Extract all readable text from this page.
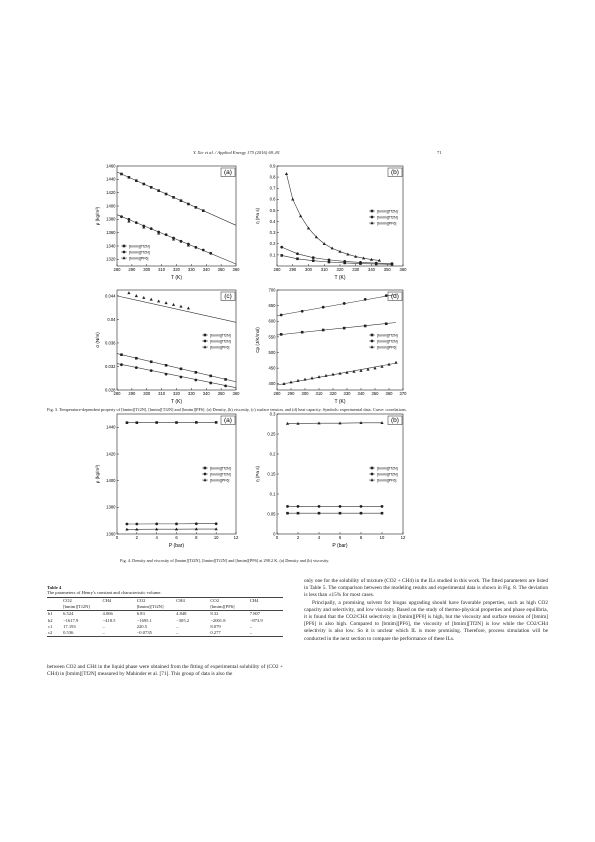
Y. Xie et al. / Applied Energy 175 (2016) 69–81	71
280 290 300 310 320 330 340 350 360
1320
1340
1360
1380
1400
1420
1440
1460
T (K)
ρ (kg/m³)
(a)
[bmim][Tf2N]
[hmim][Tf2N]
[bmim][PF6]
280 290 300 310 320 330 340 350 360
0.1
0.2
0.3
0.4
0.5
0.6
0.7
0.8
0.9
T (K)
η (Pa s)
(b)
[bmim][Tf2N]
[hmim][Tf2N]
[bmim][PF6]
280 290 300 310 320 330 340 350 360
0.028
0.032
0.036
0.04
0.044
T (K)
σ (N/m)
(c)
[bmim][Tf2N]
[hmim][Tf2N]
[bmim][PF6]
280 290 300 310 320 330 340 350 360 370
400
450
500
550
600
650
700
T (K)
Cp (J/K/mol)
(d)
[bmim][Tf2N]
[hmim][Tf2N]
[bmim][PF6]
Fig. 3. Temperature-dependent property of [bmim][Tf2N], [hmim][Tf2N] and [bmim][PF6]. (a) Density, (b) viscosity, (c) surface tension, and (d) heat capacity. Symbols: experimental data. Curve: correlations.
0	2	4	6	8	10	12
1360
1380
1400
1420
1440
P (bar)
ρ (kg/m³)
(a)
[bmim][Tf2N]
[hmim][Tf2N]
[bmim][PF6]
0	2	4	6	8	10	12
0
0.05
0.1
0.15
0.2
0.25
0.3
P (bar)
η (Pa s)
(b)
[bmim][Tf2N]
[hmim][Tf2N]
[bmim][PF6]
Fig. 4. Density and viscosity of [bmim][Tf2N], [hmim][Tf2N] and [bmim][PF6] at 298.2 K. (a) Density and (b) viscosity.
Table 4
The parameters of Henry's constant and characteristic volume.
	CO2	CH4	CO2	CH4	CO2	CH4
	[bmim][Tf2N]		[hmim][Tf2N]		[bmim][PF6]	
b1	6.524	4.066	6.83	4.848	8.32	7.807
b2	−1617.9	−418.5	−1695.1	−305.2	−2001.8	−873.9
c1	17.193	–	220.5	–	8.079	–
c2	0.536	–	−0.0735	–	0.277	–

between CO2 and CH4 in the liquid phase were obtained from the fitting of experimental solubility of (CO2 + CH4) in [bmim][Tf2N] measured by Mahinder et al. [71]. This group of data is also the

only one for the solubility of mixture (CO2 + CH4) in the ILs studied in this work. The fitted parameters are listed in Table 5. The comparison between the modeling results and experimental data is shown in Fig. 8. The deviation is less than ±15% for most cases.

Principally, a promising solvent for biogas upgrading should have favorable properties, such as high CO2 capacity and selectivity, and low viscosity. Based on the study of thermo-physical properties and phase equilibria, it is found that the CO2/CH4 selectivity in [bmim][PF6] is high, but the viscosity and surface tension of [bmim][PF6] is also high. Compared to [bmim][PF6], the viscosity of [bmim][Tf2N] is low while the CO2/CH4 selectivity is also low. So it is unclear which IL is more promising. Therefore, process simulation will be conducted in the next section to compare the performance of these ILs.
